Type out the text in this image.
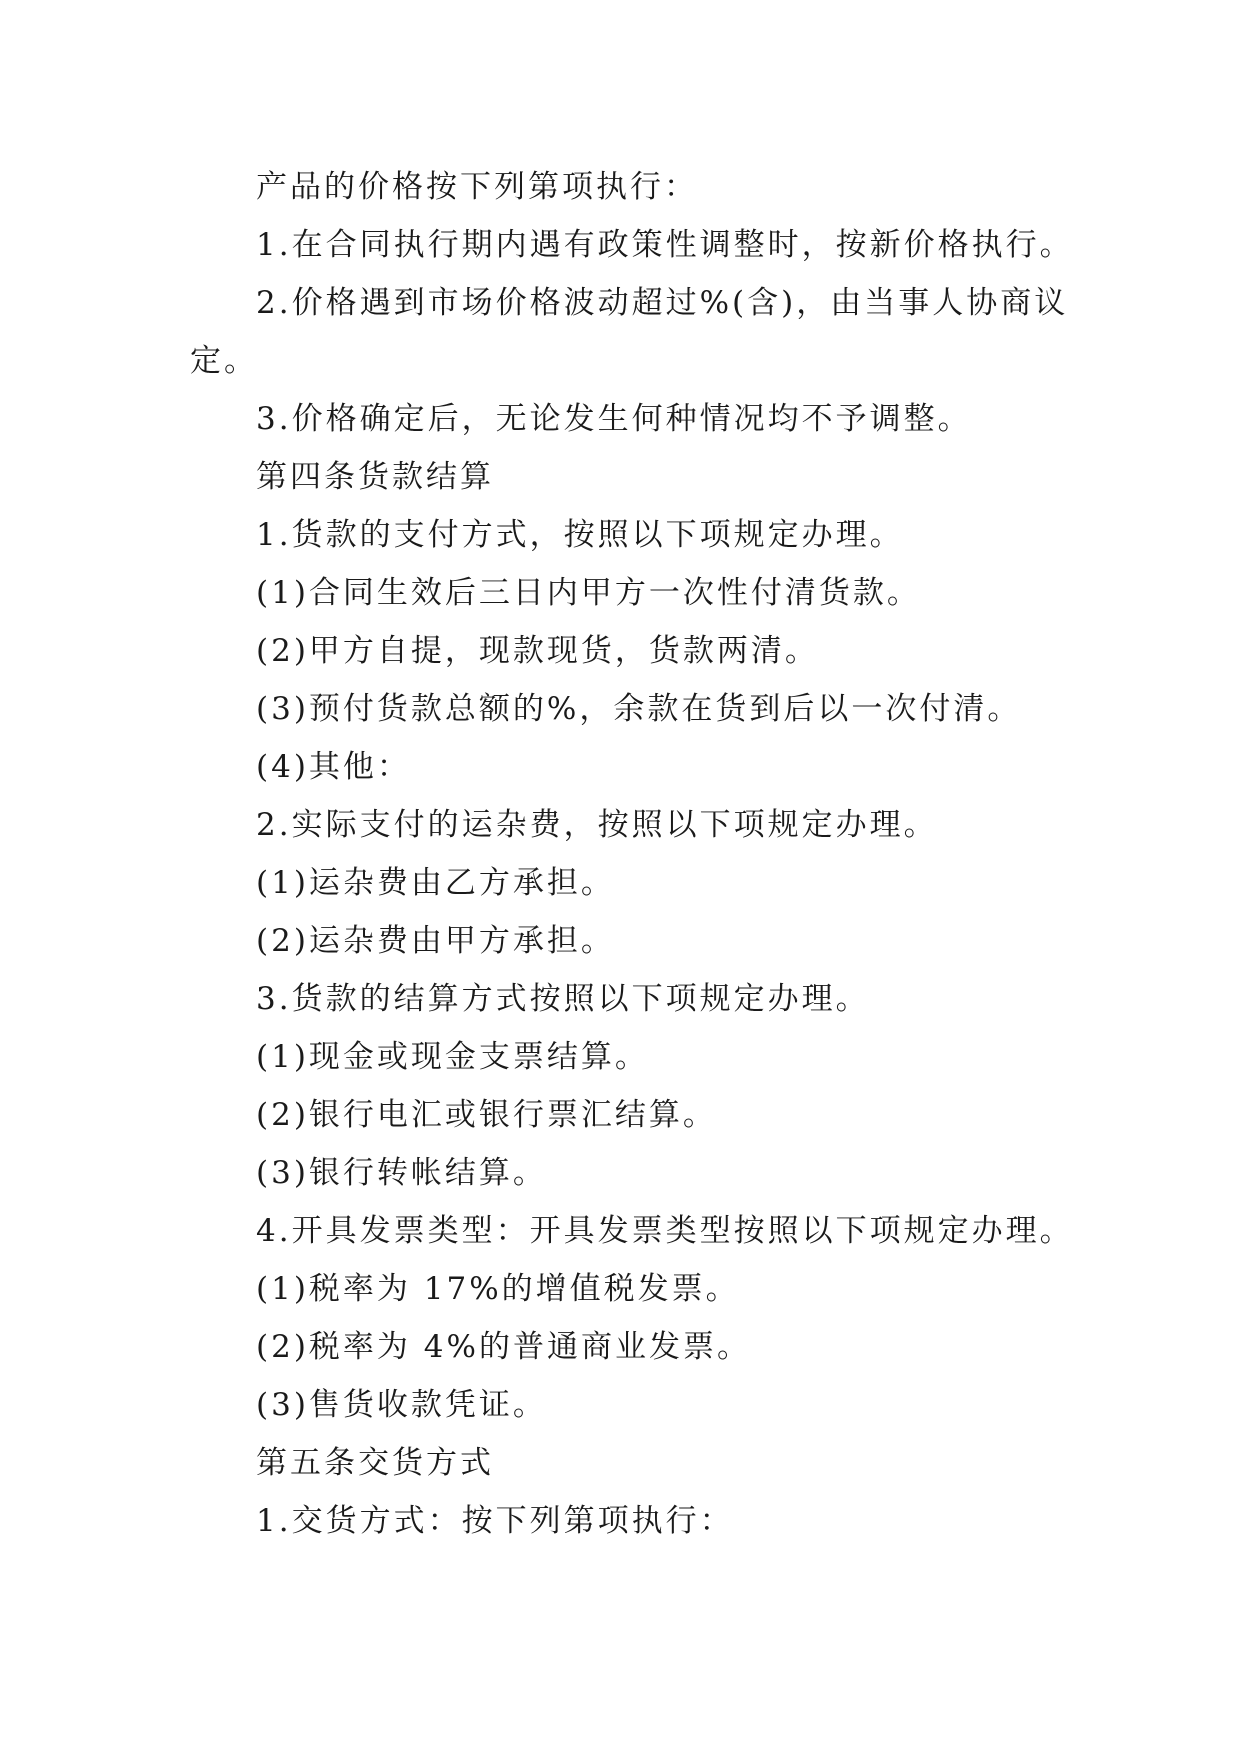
产品的价格按下列第项执行：
1.在合同执行期内遇有政策性调整时，按新价格执行。
2.价格遇到市场价格波动超过%(含)，由当事人协商议
定。
3.价格确定后，无论发生何种情况均不予调整。
第四条货款结算
1.货款的支付方式，按照以下项规定办理。
(1)合同生效后三日内甲方一次性付清货款。
(2)甲方自提，现款现货，货款两清。
(3)预付货款总额的%，余款在货到后以一次付清。
(4)其他：
2.实际支付的运杂费，按照以下项规定办理。
(1)运杂费由乙方承担。
(2)运杂费由甲方承担。
3.货款的结算方式按照以下项规定办理。
(1)现金或现金支票结算。
(2)银行电汇或银行票汇结算。
(3)银行转帐结算。
4.开具发票类型：开具发票类型按照以下项规定办理。
(1)税率为 17%的增值税发票。
(2)税率为 4%的普通商业发票。
(3)售货收款凭证。
第五条交货方式
1.交货方式：按下列第项执行：
